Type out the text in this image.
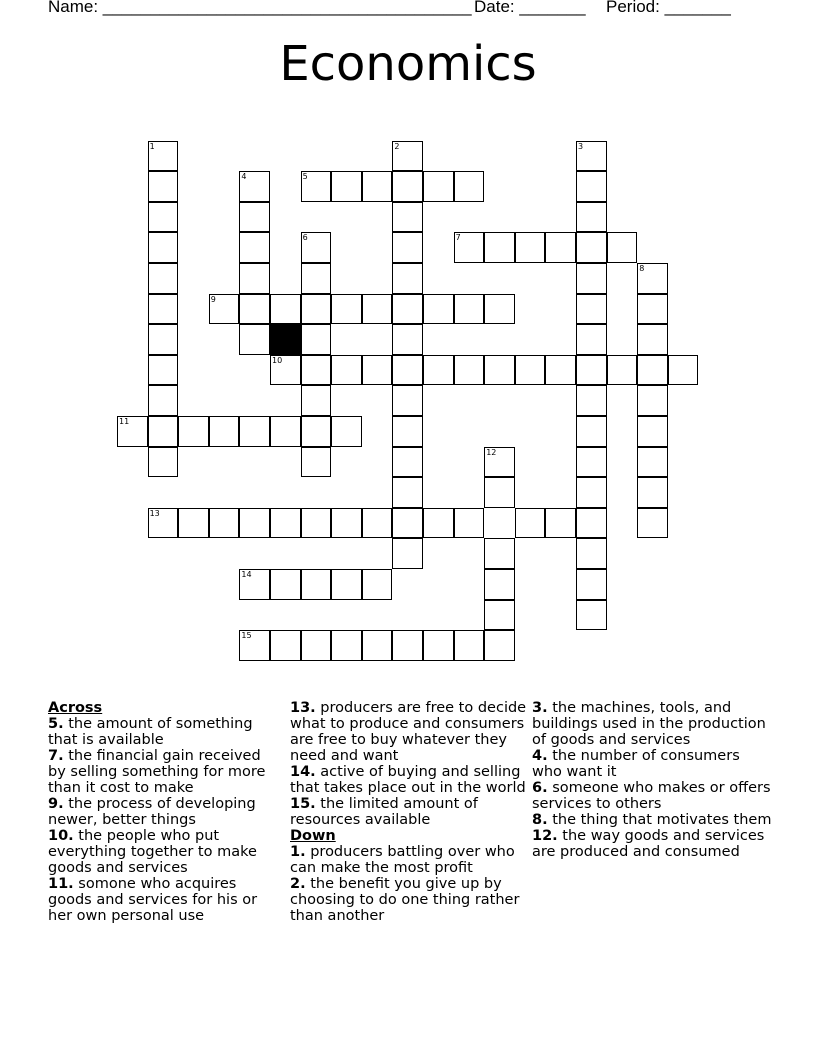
Name: _______________________________________ Date: _______ Period: _______
Economics
1	2	3
4	5
6	7
8
9
10
11
12
13
14
15
Across
5. the amount of something that is available
7. the financial gain received by selling something for more than it cost to make
9. the process of developing newer, better things
10. the people who put everything together to make goods and services
11. somone who acquires goods and services for his or her own personal use
13. producers are free to decide what to produce and consumers are free to buy whatever they need and want
14. active of buying and selling that takes place out in the world
15. the limited amount of resources available
Down
1. producers battling over who can make the most profit
2. the benefit you give up by choosing to do one thing rather than another
3. the machines, tools, and buildings used in the production of goods and services
4. the number of consumers who want it
6. someone who makes or offers services to others
8. the thing that motivates them
12. the way goods and services are produced and consumed
